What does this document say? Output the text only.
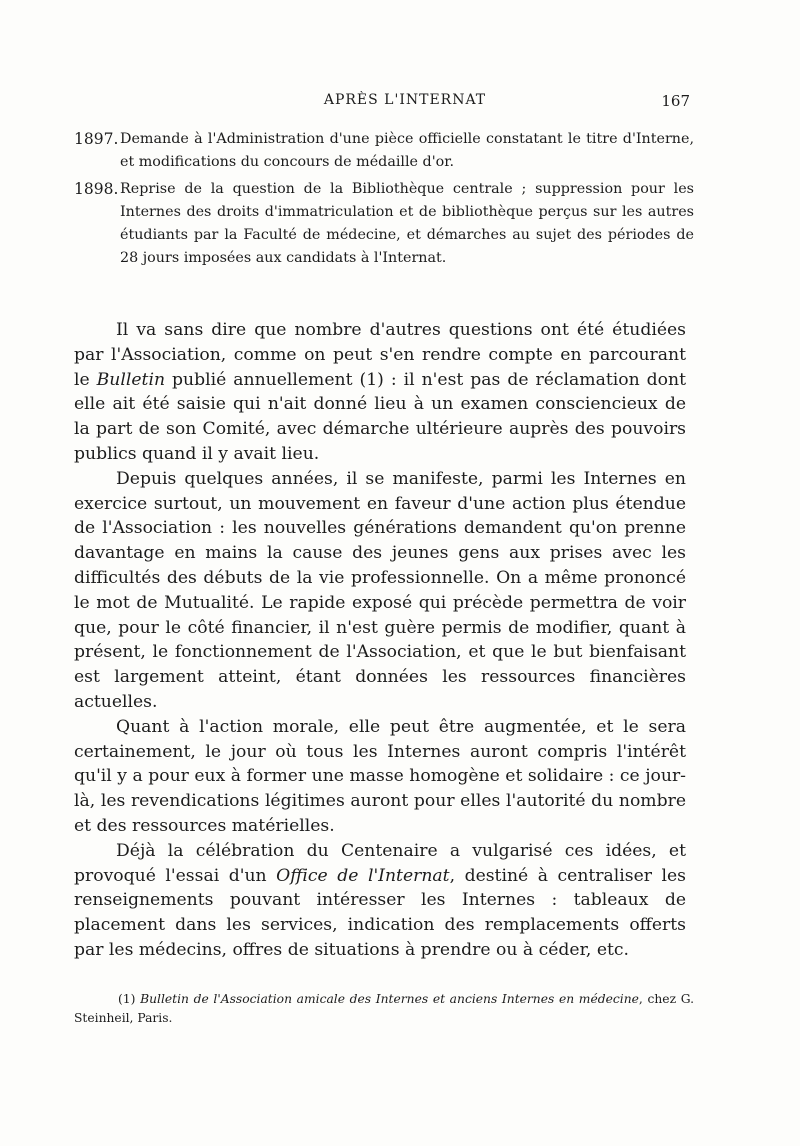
APRÈS L'INTERNAT	167
1897. Demande à l'Administration d'une pièce officielle constatant le titre d'Interne, et modifications du concours de médaille d'or.
1898. Reprise de la question de la Bibliothèque centrale ; suppression pour les Internes des droits d'immatriculation et de bibliothèque perçus sur les autres étudiants par la Faculté de médecine, et démarches au sujet des périodes de 28 jours imposées aux candidats à l'Internat.

Il va sans dire que nombre d'autres questions ont été étudiées par l'Association, comme on peut s'en rendre compte en parcourant le Bulletin publié annuellement (1) : il n'est pas de réclamation dont elle ait été saisie qui n'ait donné lieu à un examen consciencieux de la part de son Comité, avec démarche ultérieure auprès des pouvoirs publics quand il y avait lieu.

Depuis quelques années, il se manifeste, parmi les Internes en exercice surtout, un mouvement en faveur d'une action plus étendue de l'Association : les nouvelles générations demandent qu'on prenne davantage en mains la cause des jeunes gens aux prises avec les difficultés des débuts de la vie professionnelle. On a même prononcé le mot de Mutualité. Le rapide exposé qui précède permettra de voir que, pour le côté financier, il n'est guère permis de modifier, quant à présent, le fonctionnement de l'Association, et que le but bienfaisant est largement atteint, étant données les ressources financières actuelles.

Quant à l'action morale, elle peut être augmentée, et le sera certainement, le jour où tous les Internes auront compris l'intérêt qu'il y a pour eux à former une masse homogène et solidaire : ce jour-là, les revendications légitimes auront pour elles l'autorité du nombre et des ressources matérielles.

Déjà la célébration du Centenaire a vulgarisé ces idées, et provoqué l'essai d'un Office de l'Internat, destiné à centraliser les renseignements pouvant intéresser les Internes : tableaux de placement dans les services, indication des remplacements offerts par les médecins, offres de situations à prendre ou à céder, etc.

(1) Bulletin de l'Association amicale des Internes et anciens Internes en médecine, chez G. Steinheil, Paris.
